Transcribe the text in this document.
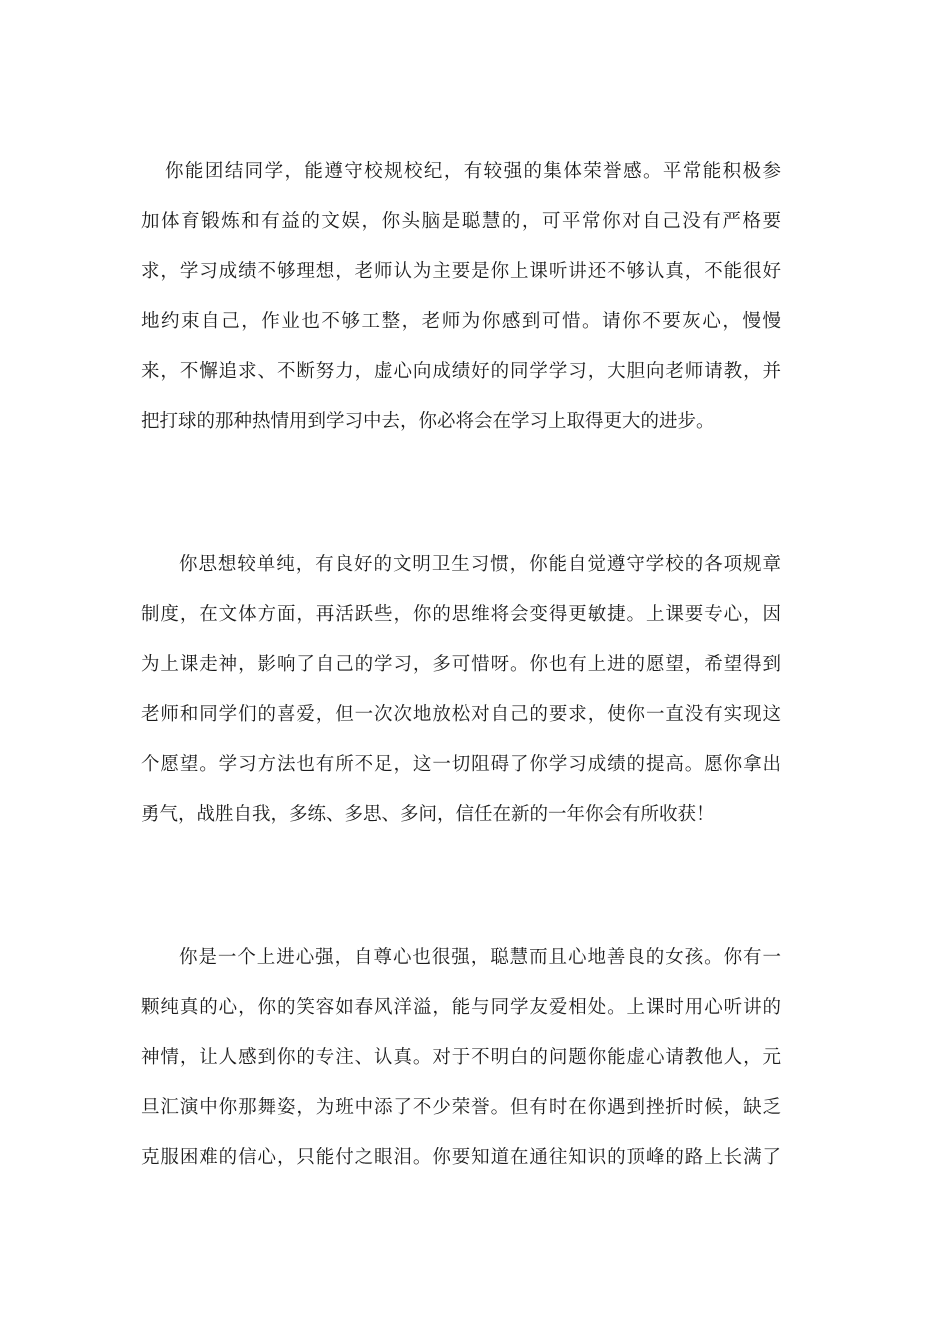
你能团结同学，能遵守校规校纪，有较强的集体荣誉感。平常能积极参
加体育锻炼和有益的文娱，你头脑是聪慧的，可平常你对自己没有严格要
求，学习成绩不够理想，老师认为主要是你上课听讲还不够认真，不能很好
地约束自己，作业也不够工整，老师为你感到可惜。请你不要灰心，慢慢
来，不懈追求、不断努力，虚心向成绩好的同学学习，大胆向老师请教，并
把打球的那种热情用到学习中去，你必将会在学习上取得更大的进步。
你思想较单纯，有良好的文明卫生习惯，你能自觉遵守学校的各项规章
制度，在文体方面，再活跃些，你的思维将会变得更敏捷。上课要专心，因
为上课走神，影响了自己的学习，多可惜呀。你也有上进的愿望，希望得到
老师和同学们的喜爱，但一次次地放松对自己的要求，使你一直没有实现这
个愿望。学习方法也有所不足，这一切阻碍了你学习成绩的提高。愿你拿出
勇气，战胜自我，多练、多思、多问，信任在新的一年你会有所收获！
你是一个上进心强，自尊心也很强，聪慧而且心地善良的女孩。你有一
颗纯真的心，你的笑容如春风洋溢，能与同学友爱相处。上课时用心听讲的
神情，让人感到你的专注、认真。对于不明白的问题你能虚心请教他人，元
旦汇演中你那舞姿，为班中添了不少荣誉。但有时在你遇到挫折时候，缺乏
克服困难的信心，只能付之眼泪。你要知道在通往知识的顶峰的路上长满了
